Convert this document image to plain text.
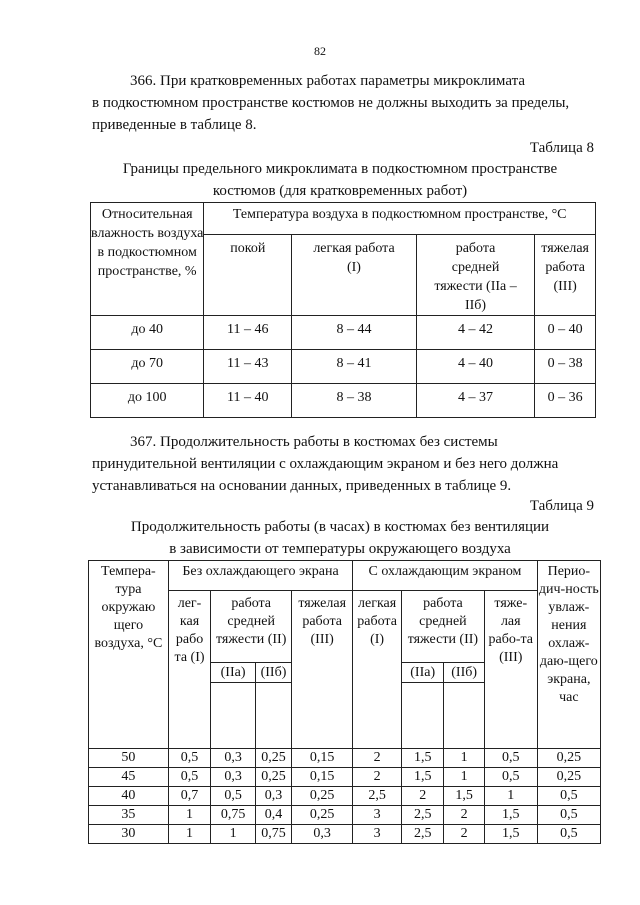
82
366. При кратковременных работах параметры микроклимата
в подкостюмном пространстве костюмов не должны выходить за пределы,
приведенные в таблице 8.
Таблица 8
Границы предельного микроклимата в подкостюмном пространстве
костюмов (для кратковременных работ)
Относительная влажность воздуха в подкостюмном пространстве, %	Температура воздуха в подкостюмном пространстве, °С			
	покой	легкая работа (I)	работа средней тяжести (IIа – IIб)	тяжелая работа (III)
до 40	11 – 46	8 – 44	4 – 42	0 – 40
до 70	11 – 43	8 – 41	4 – 40	0 – 38
до 100	11 – 40	8 – 38	4 – 37	0 – 36
367. Продолжительность работы в костюмах без системы
принудительной вентиляции с охлаждающим экраном и без него должна
устанавливаться на основании данных, приведенных в таблице 9.
Таблица 9
Продолжительность работы (в часах) в костюмах без вентиляции
в зависимости от температуры окружающего воздуха
Темпера-тура окружаю щего воздуха, °С	Без охлаждающего экрана				С охлаждающим экраном				Перио-дич-ность увлаж-нения охлаж-даю-щего экрана, час
	лег-кая рабо та (I)	работа средней тяжести (II)		тяжелая работа (III)	легкая работа (I)	работа средней тяжести (II)		тяже-лая рабо-та (III)	
		(IIа)	(IIб)			(IIа)	(IIб)		

50	0,5	0,3	0,25	0,15	2	1,5	1	0,5	0,25
45	0,5	0,3	0,25	0,15	2	1,5	1	0,5	0,25
40	0,7	0,5	0,3	0,25	2,5	2	1,5	1	0,5
35	1	0,75	0,4	0,25	3	2,5	2	1,5	0,5
30	1	1	0,75	0,3	3	2,5	2	1,5	0,5
